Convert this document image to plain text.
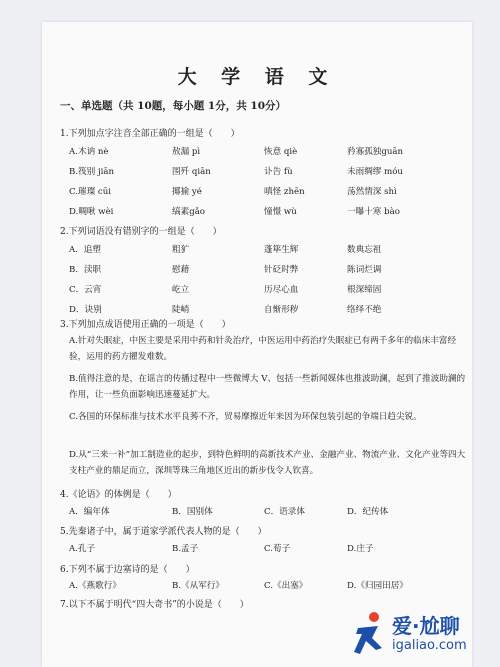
大 学 语 文
一、单选题（共 10题，每小题 1分，共 10分）
1.下列加点字注音全部正确的一组是（　　）
A.木讷 nè	敖漏 pì	恢意 qiè	矜寡孤独guān
B.筏别 jiān	围歼 qiān	讣告 fù	未雨绸缪 móu
C.璀璨 cūi	揶揄 yé	嗔怪 zhēn	荡然情深 shì
D.啁啾 wèi	缟素gǎo	憧憬 wù	一曝十寒 bào
2.下列词语没有错别字的一组是（　　）
A．追塑	粗犷	蓬筚生辉	数典忘祖
B．渎职	慰藉	针砭时弊	陈词烂调
C．云宵	屹立	历尽心血	根深缔固
D．诀别	陡峭	自惭形秽	络绎不绝
3.下列加点成语使用正确的一项是（　　）
A.针对失眠症，中医主要是采用中药和针灸治疗，中医运用中药治疗失眠症已有两千多年的临床丰富经验，运用的药方擢发难数。
B.值得注意的是，在谣言的传播过程中一些微博大 V、包括一些新闻媒体也推波助澜，起到了推波助澜的作用，让一些负面影响迅速蔓延扩大。
C.各国的环保标准与技术水平良莠不齐，贸易摩擦近年来因为环保包装引起的争端日趋尖锐。
D.从“三来一补”加工制造业的起步，到特色鲜明的高新技术产业、金融产业、物流产业、文化产业等四大支柱产业的鼎足而立，深圳等珠三角地区近出的新步伐令人钦喜。
4.《论语》的体例是（　　）
A．编年体	B．国别体	C．语录体	D．纪传体
5.先秦诸子中，属于道家学派代表人物的是（　　）
A.孔子	B.孟子	C.荀子	D.庄子
6.下列不属于边塞诗的是（　　）
A.《燕歌行》	B.《从军行》	C.《出塞》	D.《归园田居》
7.以下不属于明代“四大奇书”的小说是（　　）
爱·尬聊
igaliao.com
